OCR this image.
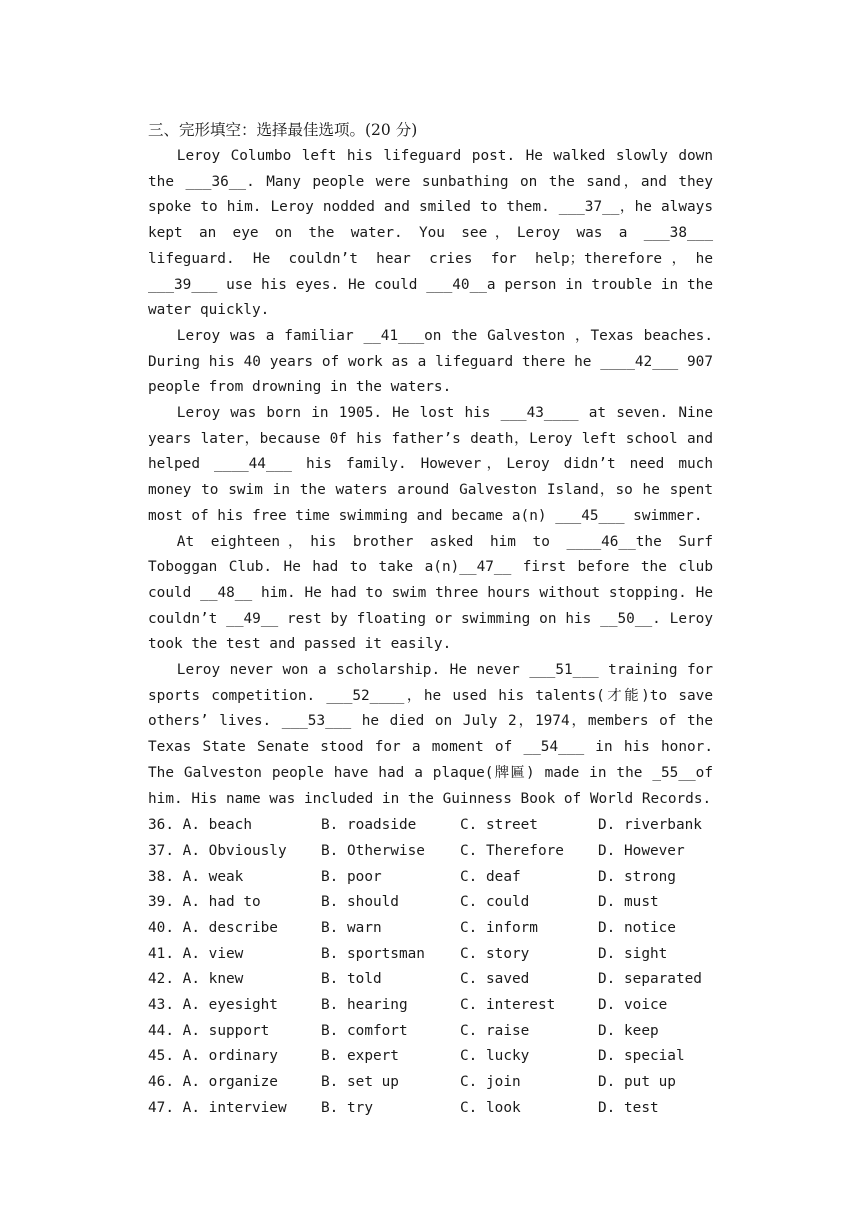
三、完形填空：选择最佳选项。(20 分)

Leroy Columbo left his lifeguard post. He walked slowly down the ___36__. Many people were sunbathing on the sand，and they spoke to him. Leroy nodded and smiled to them. ___37__，he always kept an eye on the water. You see，Leroy was a ___38___ lifeguard. He couldn’t hear cries for help；therefore，he ___39___ use his eyes. He could ___40__a person in trouble in the water quickly.

Leroy was a familiar __41___on the Galveston ，Texas beaches. During his 40 years of work as a lifeguard there he ____42___ 907 people from drowning in the waters.

Leroy was born in 1905. He lost his ___43____ at seven. Nine years later，because 0f his father’s death，Leroy left school and helped ____44___ his family. However，Leroy didn’t need much money to swim in the waters around Galveston Island，so he spent most of his free time swimming and became a(n) ___45___ swimmer.

At eighteen，his brother asked him to ____46__the Surf Toboggan Club. He had to take a(n)__47__ first before the club could __48__ him. He had to swim three hours without stopping. He couldn’t __49__ rest by floating or swimming on his __50__. Leroy took the test and passed it easily.

Leroy never won a scholarship. He never ___51___ training for sports competition. ___52____，he used his talents(才能)to save others’ lives. ___53___ he died on July 2，1974，members of the Texas State Senate stood for a moment of __54___ in his honor. The Galveston people have had a plaque(牌匾) made in the _55__of him. His name was included in the Guinness Book of World Records.

36. A. beach	B. roadside	C. street	D. riverbank
37. A. Obviously	B. Otherwise	C. Therefore	D. However
38. A. weak	B. poor	C. deaf	D. strong
39. A. had to	B. should	C. could	D. must
40. A. describe	B. warn	C. inform	D. notice
41. A. view	B. sportsman	C. story	D. sight
42. A. knew	B. told	C. saved	D. separated
43. A. eyesight	B. hearing	C. interest	D. voice
44. A. support	B. comfort	C. raise	D. keep
45. A. ordinary	B. expert	C. lucky	D. special
46. A. organize	B. set up	C. join	D. put up
47. A. interview	B. try	C. look	D. test
